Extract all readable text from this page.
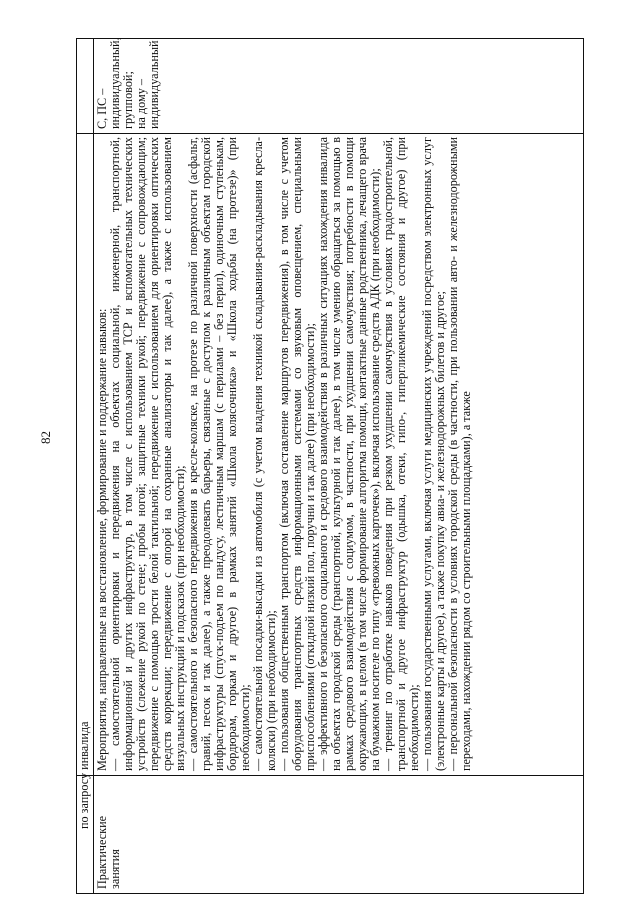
82
по запросу инвалида
Практические занятия
С, ПС – индивидуальный, групповой; на дому – индивидуальный

Мероприятия, направленные на восстановление, формирование и поддержание навыков: — самостоятельной ориентировки и передвижения на объектах социальной, инженерной, транспортной, информационной и других инфраструктур, в том числе с использованием ТСР и вспомогательных технических устройств (слежение рукой по стене; пробы ногой; защитные техники рукой; передвижение с сопровождающим; передвижение с помощью трости белой тактильной; передвижение с использованием для ориентировки оптических средств коррекции; передвижение с опорой на сохранные анализаторы и так далее), а также с использованием визуальных инструкций и подсказок (при необходимости); — самостоятельного и безопасного передвижения в кресле-коляске, на протезе по различной поверхности (асфальт, гравий, песок и так далее), а также преодолевать барьеры, связанные с доступом к различным объектам городской инфраструктуры (спуск-подъем по пандусу, лестничным маршам (с перилами – без перил), одиночным ступенькам, бордюрам, горкам и другое) в рамках занятий «Школа колясочника» и «Школа ходьбы (на протезе)» (при необходимости); — самостоятельной посадки-высадки из автомобиля (с учетом владения техникой складывания-раскладывания кресла-коляски) (при необходимости); — пользования общественным транспортом (включая составление маршрутов передвижения), в том числе с учетом оборудования транспортных средств информационными системами со звуковым оповещением, специальными приспособлениями (откидной низкий пол, поручни и так далее) (при необходимости); — эффективного и безопасного социального и средового взаимодействия в различных ситуациях нахождения инвалида на объектах городской среды (транспортной, культурной и так далее), в том числе умению обращаться за помощью в рамках средового взаимодействия с социумом, в частности, при ухудшении самочувствия; потребности в помощи окружающих, в целом (в том числе формирование алгоритма помощи, контактные данные родственника, лечащего врача на бумажном носителе по типу «тревожных карточек»), включая использование средств АДК (при необходимости); — тренинг по отработке навыков поведения при резком ухудшении самочувствия в условиях градостроительной, транспортной и другое инфраструктур (одышка, отеки, гипо-, гипергликемические состояния и другое) (при необходимости); — пользования государственными услугами, включая услуги медицинских учреждений посредством электронных услуг (электронные карты и другое), а также покупку авиа- и железнодорожных билетов и другое; — персональной безопасности в условиях городской среды (в частности, при пользовании авто- и железнодорожными переходами, нахождении рядом со строительными площадками), а также
